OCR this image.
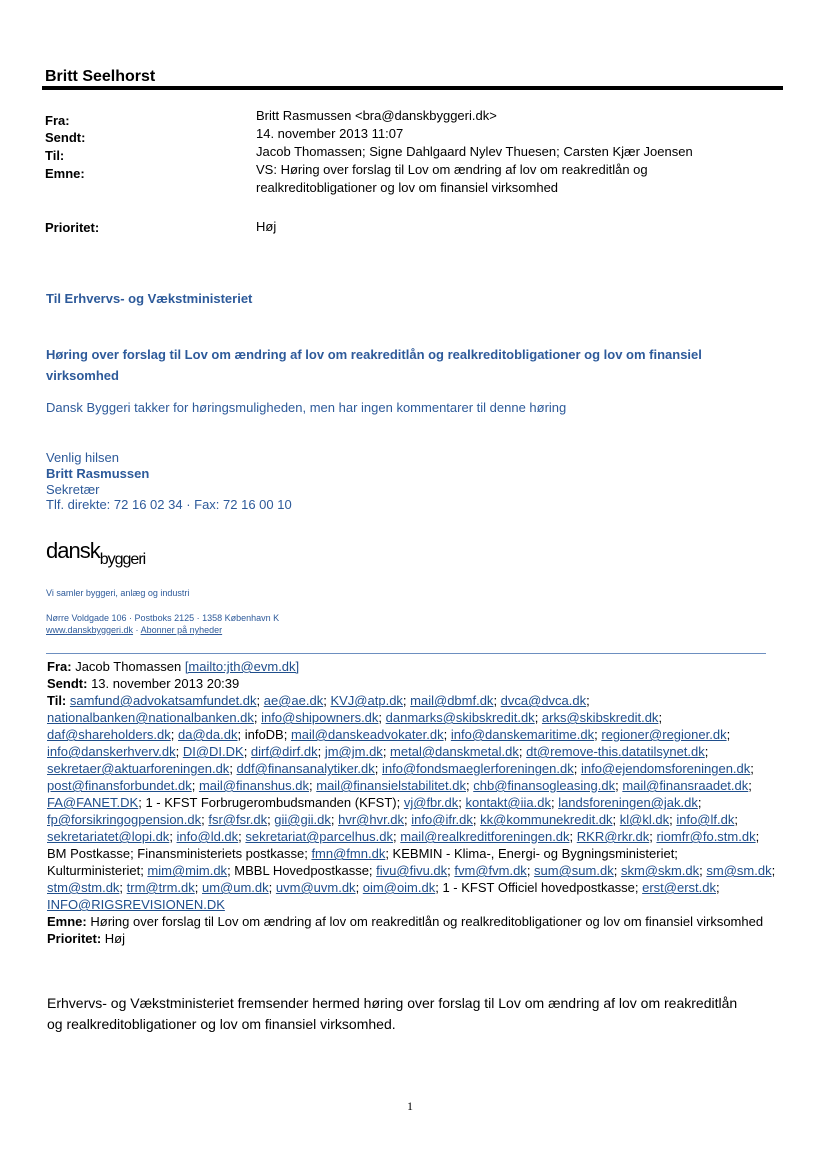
Britt Seelhorst
Fra:	Britt Rasmussen <bra@danskbyggeri.dk>
Sendt:	14. november 2013 11:07
Til:	Jacob Thomassen; Signe Dahlgaard Nylev Thuesen; Carsten Kjær Joensen
Emne:	VS: Høring over forslag til Lov om ændring af lov om reakreditlån og
realkreditobligationer og lov om finansiel virksomhed
Prioritet:	Høj
Til Erhvervs- og Vækstministeriet
Høring over forslag til Lov om ændring af lov om reakreditlån og realkreditobligationer og lov om finansiel virksomhed
Dansk Byggeri takker for høringsmuligheden, men har ingen kommentarer til denne høring
Venlig hilsen
Britt Rasmussen
Sekretær
Tlf. direkte: 72 16 02 34 · Fax: 72 16 00 10
dansk$_{byggeri}$
Vi samler byggeri, anlæg og industri
Nørre Voldgade 106 · Postboks 2125 · 1358 København K
www.danskbyggeri.dk · Abonner på nyheder
Fra: Jacob Thomassen [mailto:jth@evm.dk]
Sendt: 13. november 2013 20:39
Til: samfund@advokatsamfundet.dk; ae@ae.dk; KVJ@atp.dk; mail@dbmf.dk; dvca@dvca.dk; nationalbanken@nationalbanken.dk; info@shipowners.dk; danmarks@skibskredit.dk; arks@skibskredit.dk; daf@shareholders.dk; da@da.dk; infoDB; mail@danskeadvokater.dk; info@danskemaritime.dk; regioner@regioner.dk; info@danskerhverv.dk; DI@DI.DK; dirf@dirf.dk; jm@jm.dk; metal@danskmetal.dk; dt@remove-this.datatilsynet.dk; sekretaer@aktuarforeningen.dk; ddf@finansanalytiker.dk; info@fondsmaeglerforeningen.dk; info@ejendomsforeningen.dk; post@finansforbundet.dk; mail@finanshus.dk; mail@finansielstabilitet.dk; chb@finansogleasing.dk; mail@finansraadet.dk; FA@FANET.DK; 1 - KFST Forbrugerombudsmanden (KFST); vj@fbr.dk; kontakt@iia.dk; landsforeningen@jak.dk; fp@forsikringogpension.dk; fsr@fsr.dk; gii@gii.dk; hvr@hvr.dk; info@ifr.dk; kk@kommunekredit.dk; kl@kl.dk; info@lf.dk; sekretariatet@lopi.dk; info@ld.dk; sekretariat@parcelhus.dk; mail@realkreditforeningen.dk; RKR@rkr.dk; riomfr@fo.stm.dk; BM Postkasse; Finansministeriets postkasse; fmn@fmn.dk; KEBMIN - Klima-, Energi- og Bygningsministeriet; Kulturministeriet; mim@mim.dk; MBBL Hovedpostkasse; fivu@fivu.dk; fvm@fvm.dk; sum@sum.dk; skm@skm.dk; sm@sm.dk; stm@stm.dk; trm@trm.dk; um@um.dk; uvm@uvm.dk; oim@oim.dk; 1 - KFST Officiel hovedpostkasse; erst@erst.dk; INFO@RIGSREVISIONEN.DK
Emne: Høring over forslag til Lov om ændring af lov om reakreditlån og realkreditobligationer og lov om finansiel virksomhed
Prioritet: Høj
Erhvervs- og Vækstministeriet fremsender hermed høring over forslag til Lov om ændring af lov om reakreditlån og realkreditobligationer og lov om finansiel virksomhed.
1
